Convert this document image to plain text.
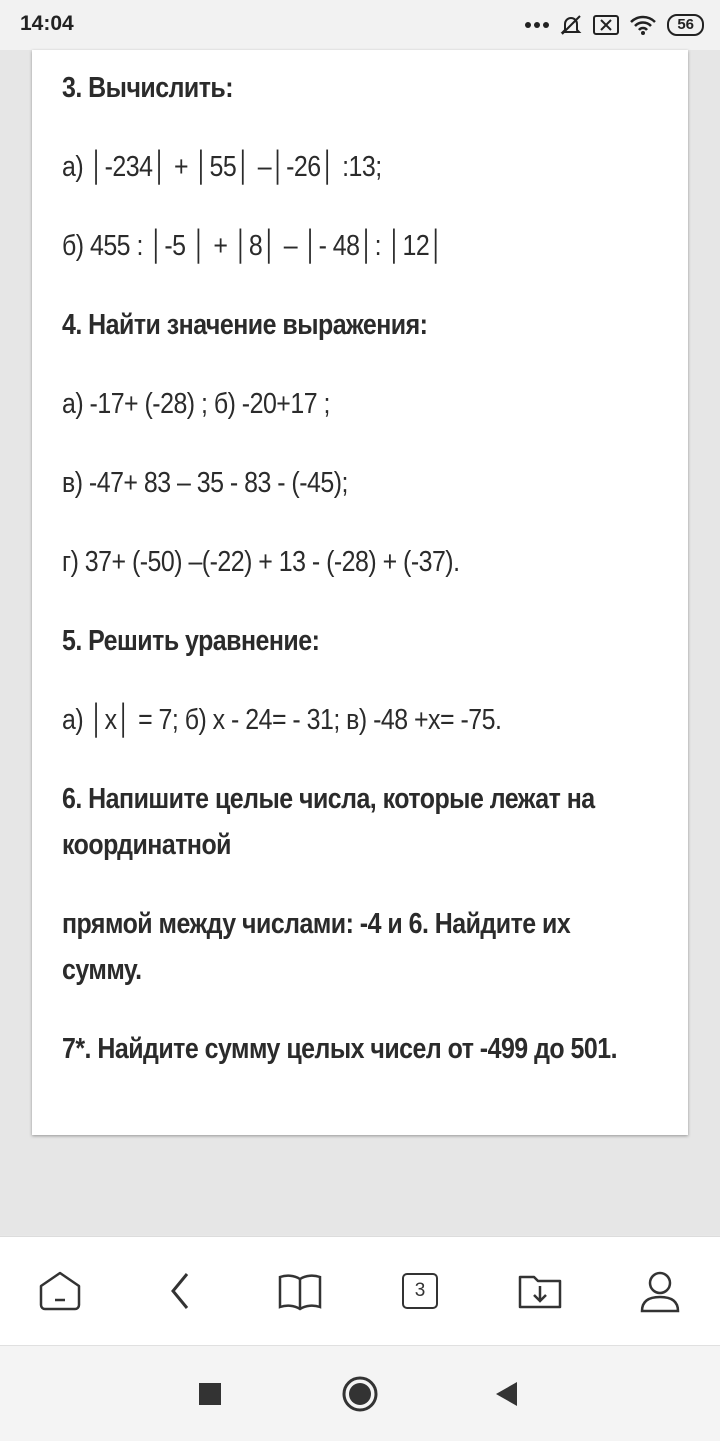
14:04	56
3. Вычислить:
а) │-234│ + │55│ –│-26│ :13;
б) 455 : │-5 │ + │8│ – │- 48│: │12│
4. Найти значение выражения:
а) -17+ (-28) ; б) -20+17 ;
в) -47+ 83 – 35 - 83 - (-45);
г) 37+ (-50) –(-22) + 13 - (-28) + (-37).
5. Решить уравнение:
а) │x│ = 7; б) x - 24= - 31; в) -48 +x= -75.
6. Напишите целые числа, которые лежат на
координатной
прямой между числами: -4 и 6. Найдите их
сумму.
7*. Найдите сумму целых чисел от -499 до 501.
3
